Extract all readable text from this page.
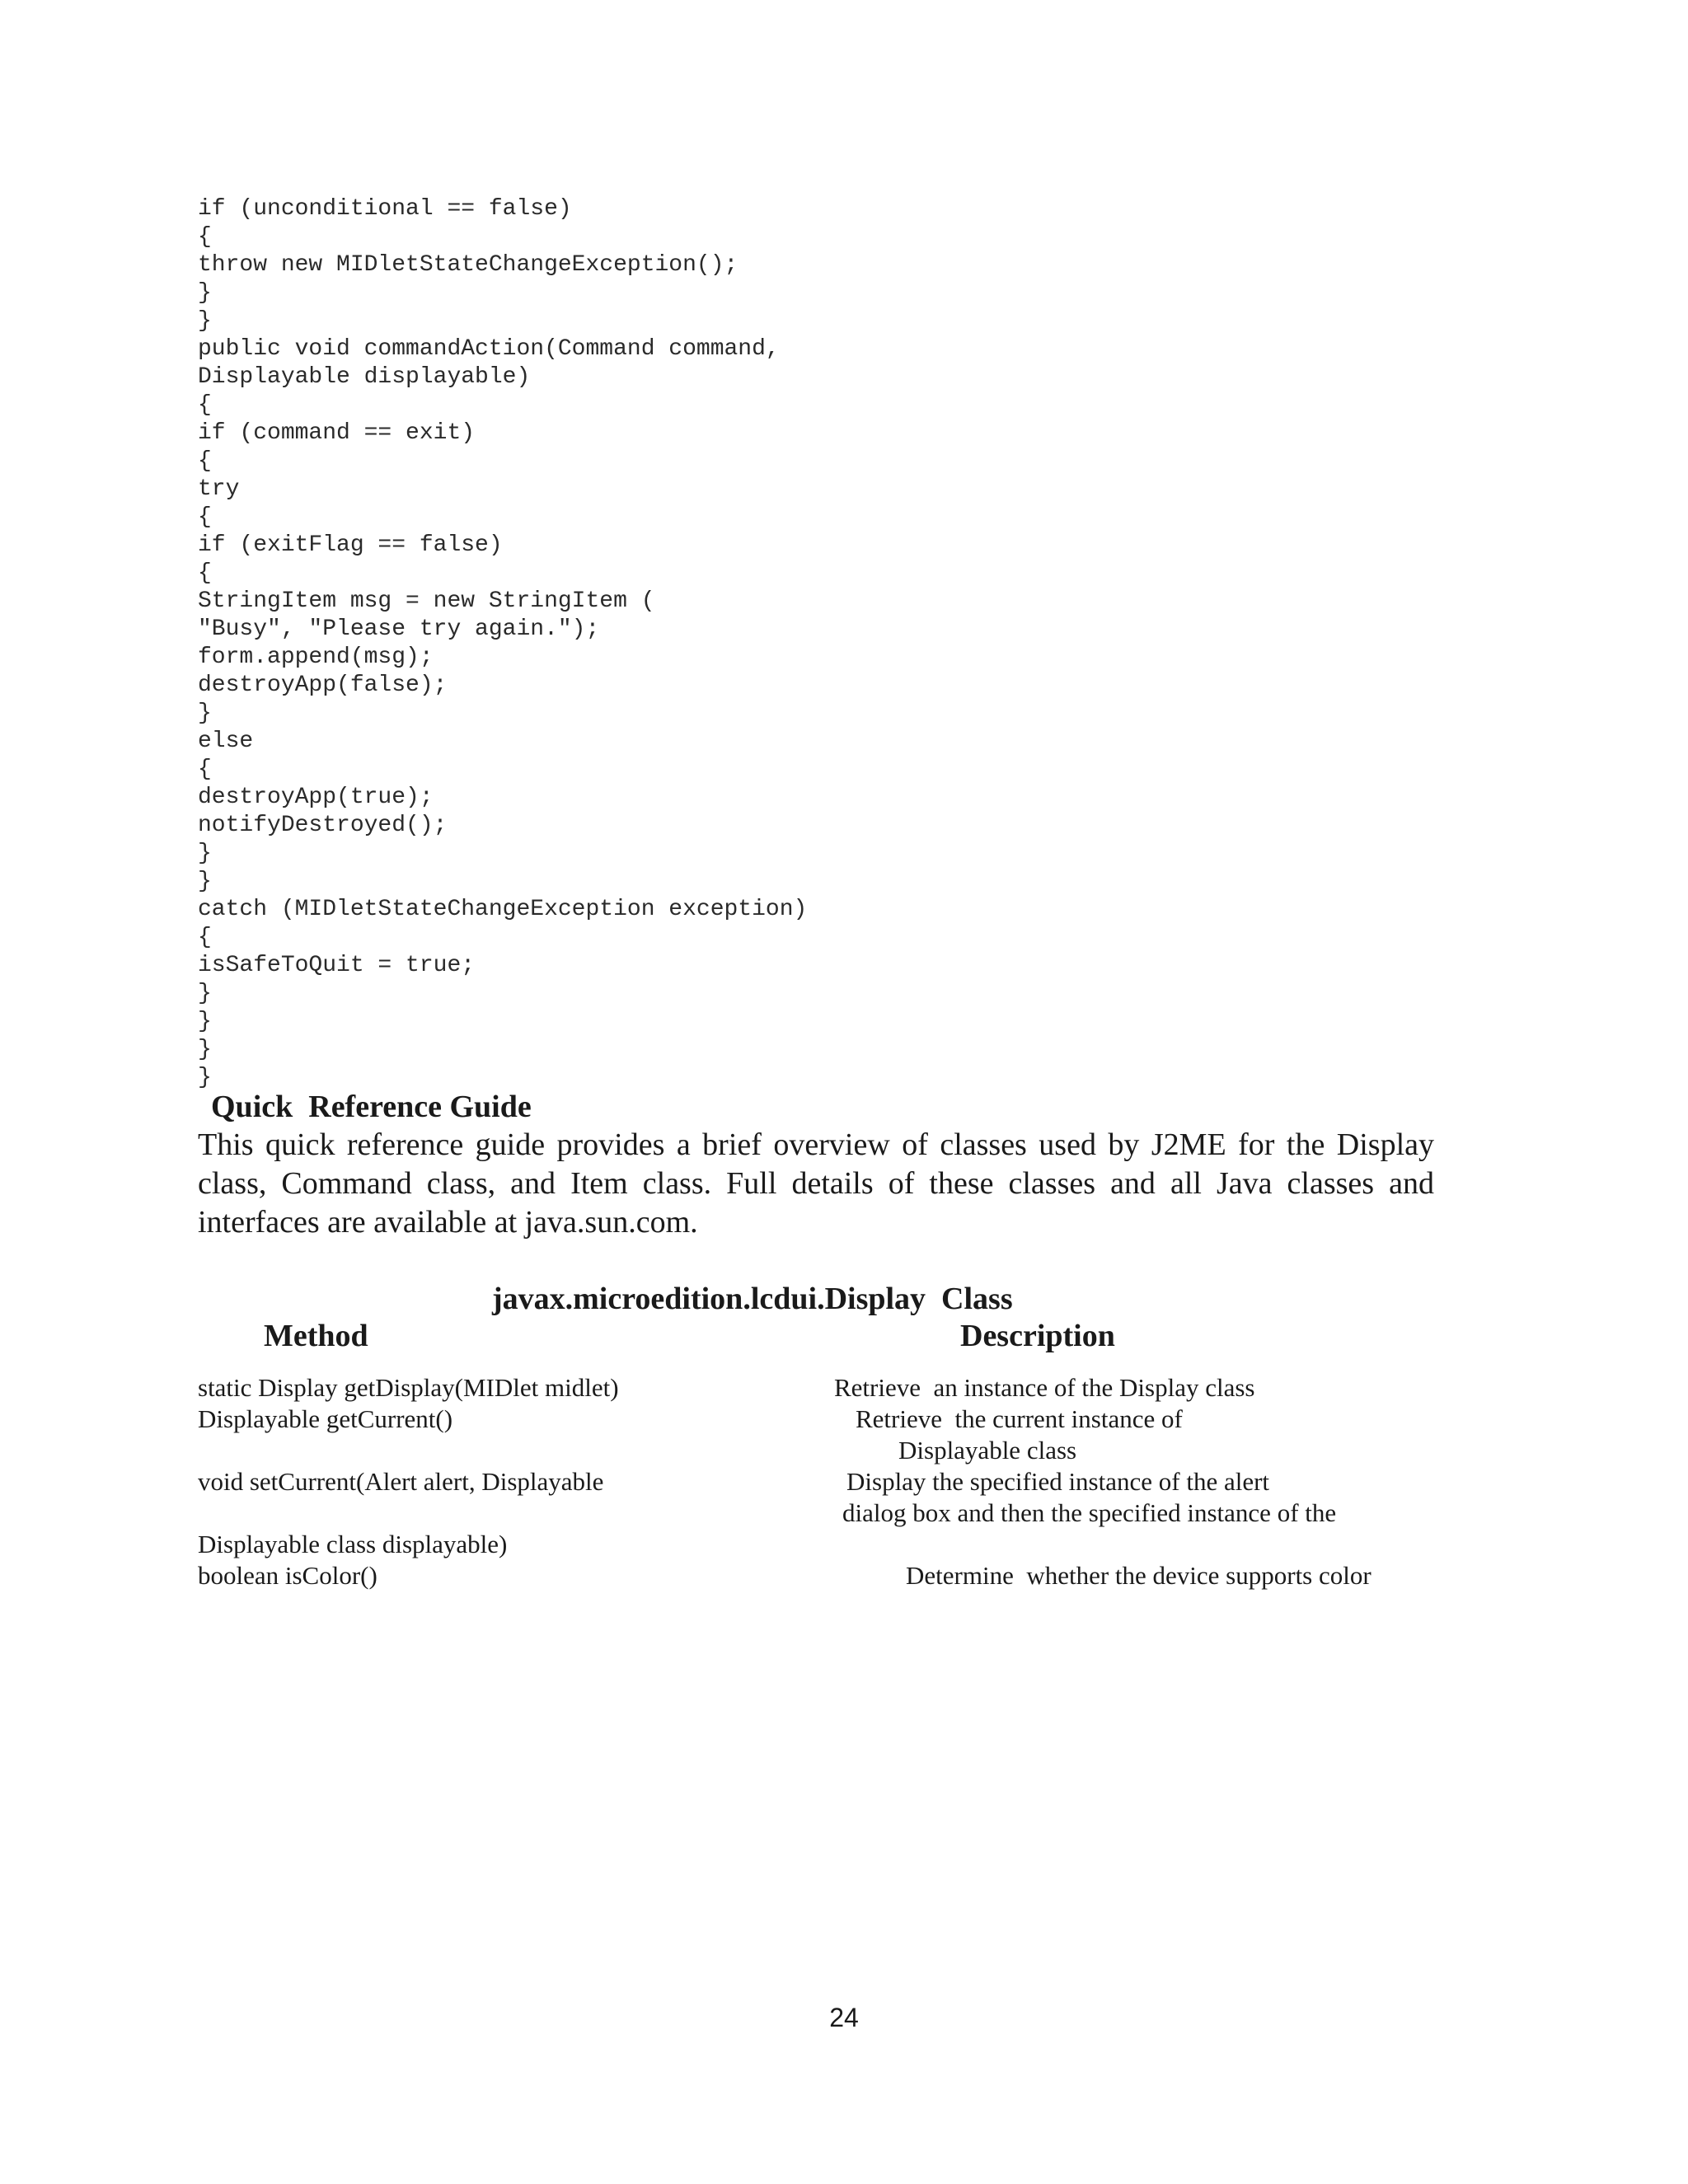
if (unconditional == false)
{
throw new MIDletStateChangeException();
}
}
public void commandAction(Command command,
Displayable displayable)
{
if (command == exit)
{
try
{
if (exitFlag == false)
{
StringItem msg = new StringItem (
"Busy", "Please try again.");
form.append(msg);
destroyApp(false);
}
else
{
destroyApp(true);
notifyDestroyed();
}
}
catch (MIDletStateChangeException exception)
{
isSafeToQuit = true;
}
}
}
}
Quick  Reference Guide

This quick reference guide provides a brief overview of classes used by J2ME for the Display class, Command class, and Item class. Full details of these classes and all Java classes and interfaces are available at java.sun.com.

javax.microedition.lcdui.Display  Class
Method	Description
static Display getDisplay(MIDlet midlet)	Retrieve  an instance of the Display class
Displayable getCurrent()	Retrieve  the current instance of
Displayable class
void setCurrent(Alert alert, Displayable	Display the specified instance of the alert
dialog box and then the specified instance of the
Displayable class displayable)
boolean isColor()	Determine  whether the device supports color
24
